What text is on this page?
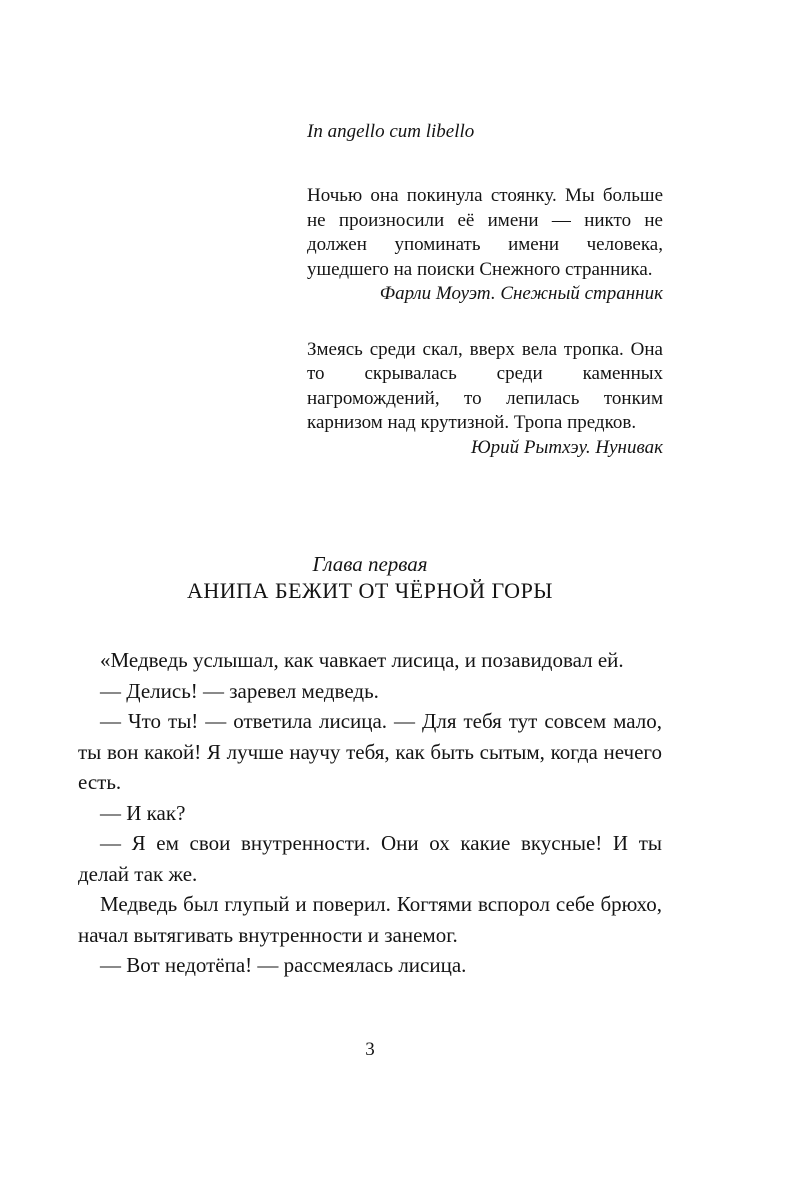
In angello cum libello

Ночью она покинула стоянку. Мы больше не произносили её имени — никто не должен упоминать имени человека, ушедшего на поиски Снежного странника.
Фарли Моуэт. Снежный странник
Змеясь среди скал, вверх вела тропка. Она то скрывалась среди каменных нагромождений, то лепилась тонким карнизом над крутизной. Тропа предков.
Юрий Рытхэу. Нунивак

Глава первая

АНИПА БЕЖИТ ОТ ЧЁРНОЙ ГОРЫ

«Медведь услышал, как чавкает лисица, и позавидовал ей.

— Делись! — заревел медведь.

— Что ты! — ответила лисица. — Для тебя тут совсем мало, ты вон какой! Я лучше научу тебя, как быть сытым, когда нечего есть.

— И как?

— Я ем свои внутренности. Они ох какие вкусные! И ты делай так же.

Медведь был глупый и поверил. Когтями вспорол себе брюхо, начал вытягивать внутренности и занемог.

— Вот недотёпа! — рассмеялась лисица.

3
